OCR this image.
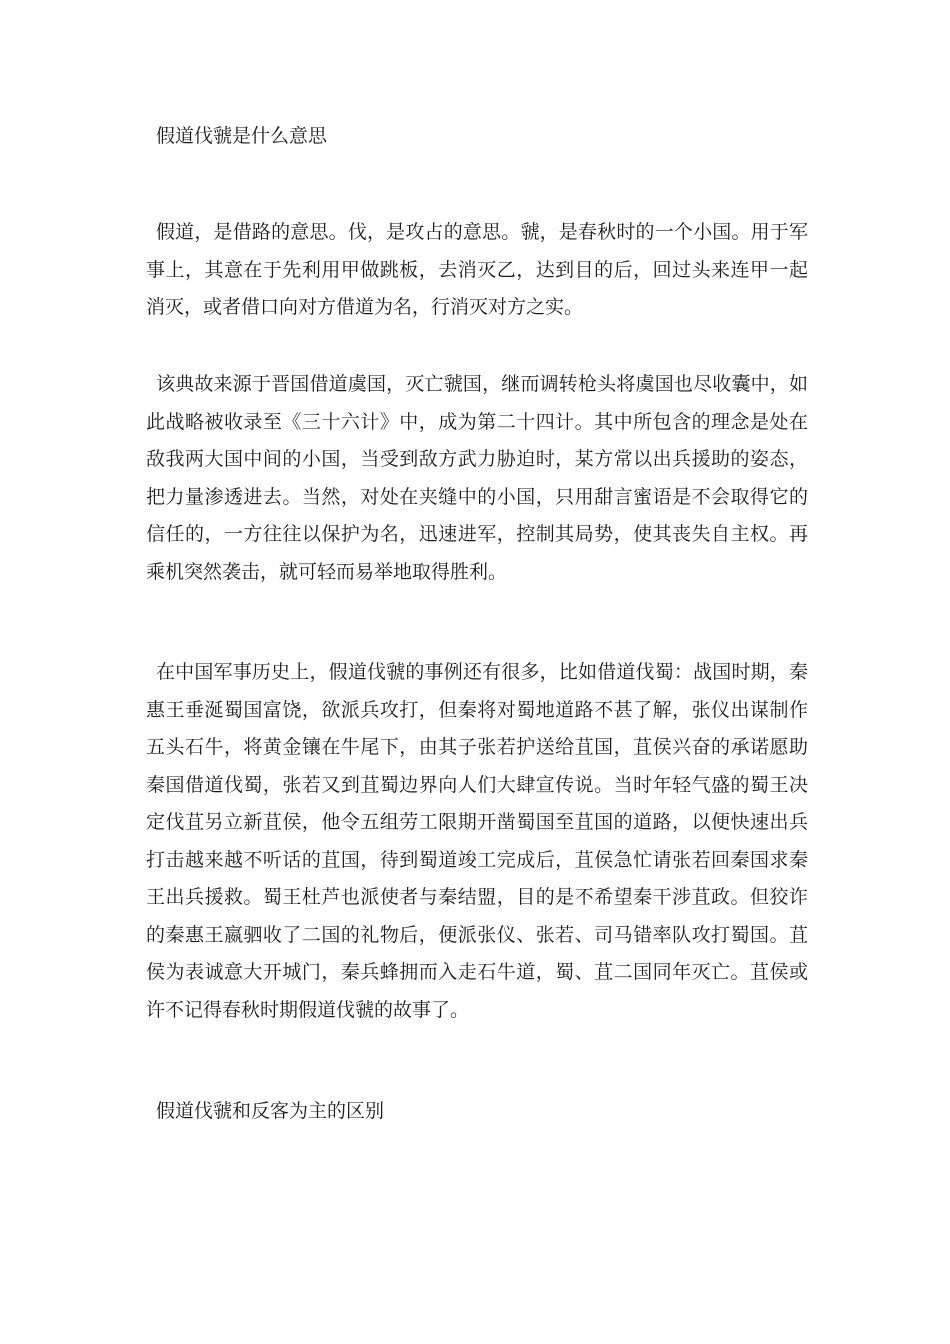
假道伐虢是什么意思

假道，是借路的意思。伐，是攻占的意思。虢，是春秋时的一个小国。用于军事上，其意在于先利用甲做跳板，去消灭乙，达到目的后，回过头来连甲一起消灭，或者借口向对方借道为名，行消灭对方之实。

该典故来源于晋国借道虞国，灭亡虢国，继而调转枪头将虞国也尽收囊中，如此战略被收录至《三十六计》中，成为第二十四计。其中所包含的理念是处在敌我两大国中间的小国，当受到敌方武力胁迫时，某方常以出兵援助的姿态，把力量渗透进去。当然，对处在夹缝中的小国，只用甜言蜜语是不会取得它的信任的，一方往往以保护为名，迅速进军，控制其局势，使其丧失自主权。再乘机突然袭击，就可轻而易举地取得胜利。

在中国军事历史上，假道伐虢的事例还有很多，比如借道伐蜀：战国时期，秦惠王垂涎蜀国富饶，欲派兵攻打，但秦将对蜀地道路不甚了解，张仪出谋制作五头石牛，将黄金镶在牛尾下，由其子张若护送给苴国，苴侯兴奋的承诺愿助秦国借道伐蜀，张若又到苴蜀边界向人们大肆宣传说。当时年轻气盛的蜀王决定伐苴另立新苴侯，他令五组劳工限期开凿蜀国至苴国的道路，以便快速出兵打击越来越不听话的苴国，待到蜀道竣工完成后，苴侯急忙请张若回秦国求秦王出兵援救。蜀王杜芦也派使者与秦结盟，目的是不希望秦干涉苴政。但狡诈的秦惠王嬴驷收了二国的礼物后，便派张仪、张若、司马错率队攻打蜀国。苴侯为表诚意大开城门，秦兵蜂拥而入走石牛道，蜀、苴二国同年灭亡。苴侯或许不记得春秋时期假道伐虢的故事了。

假道伐虢和反客为主的区别
